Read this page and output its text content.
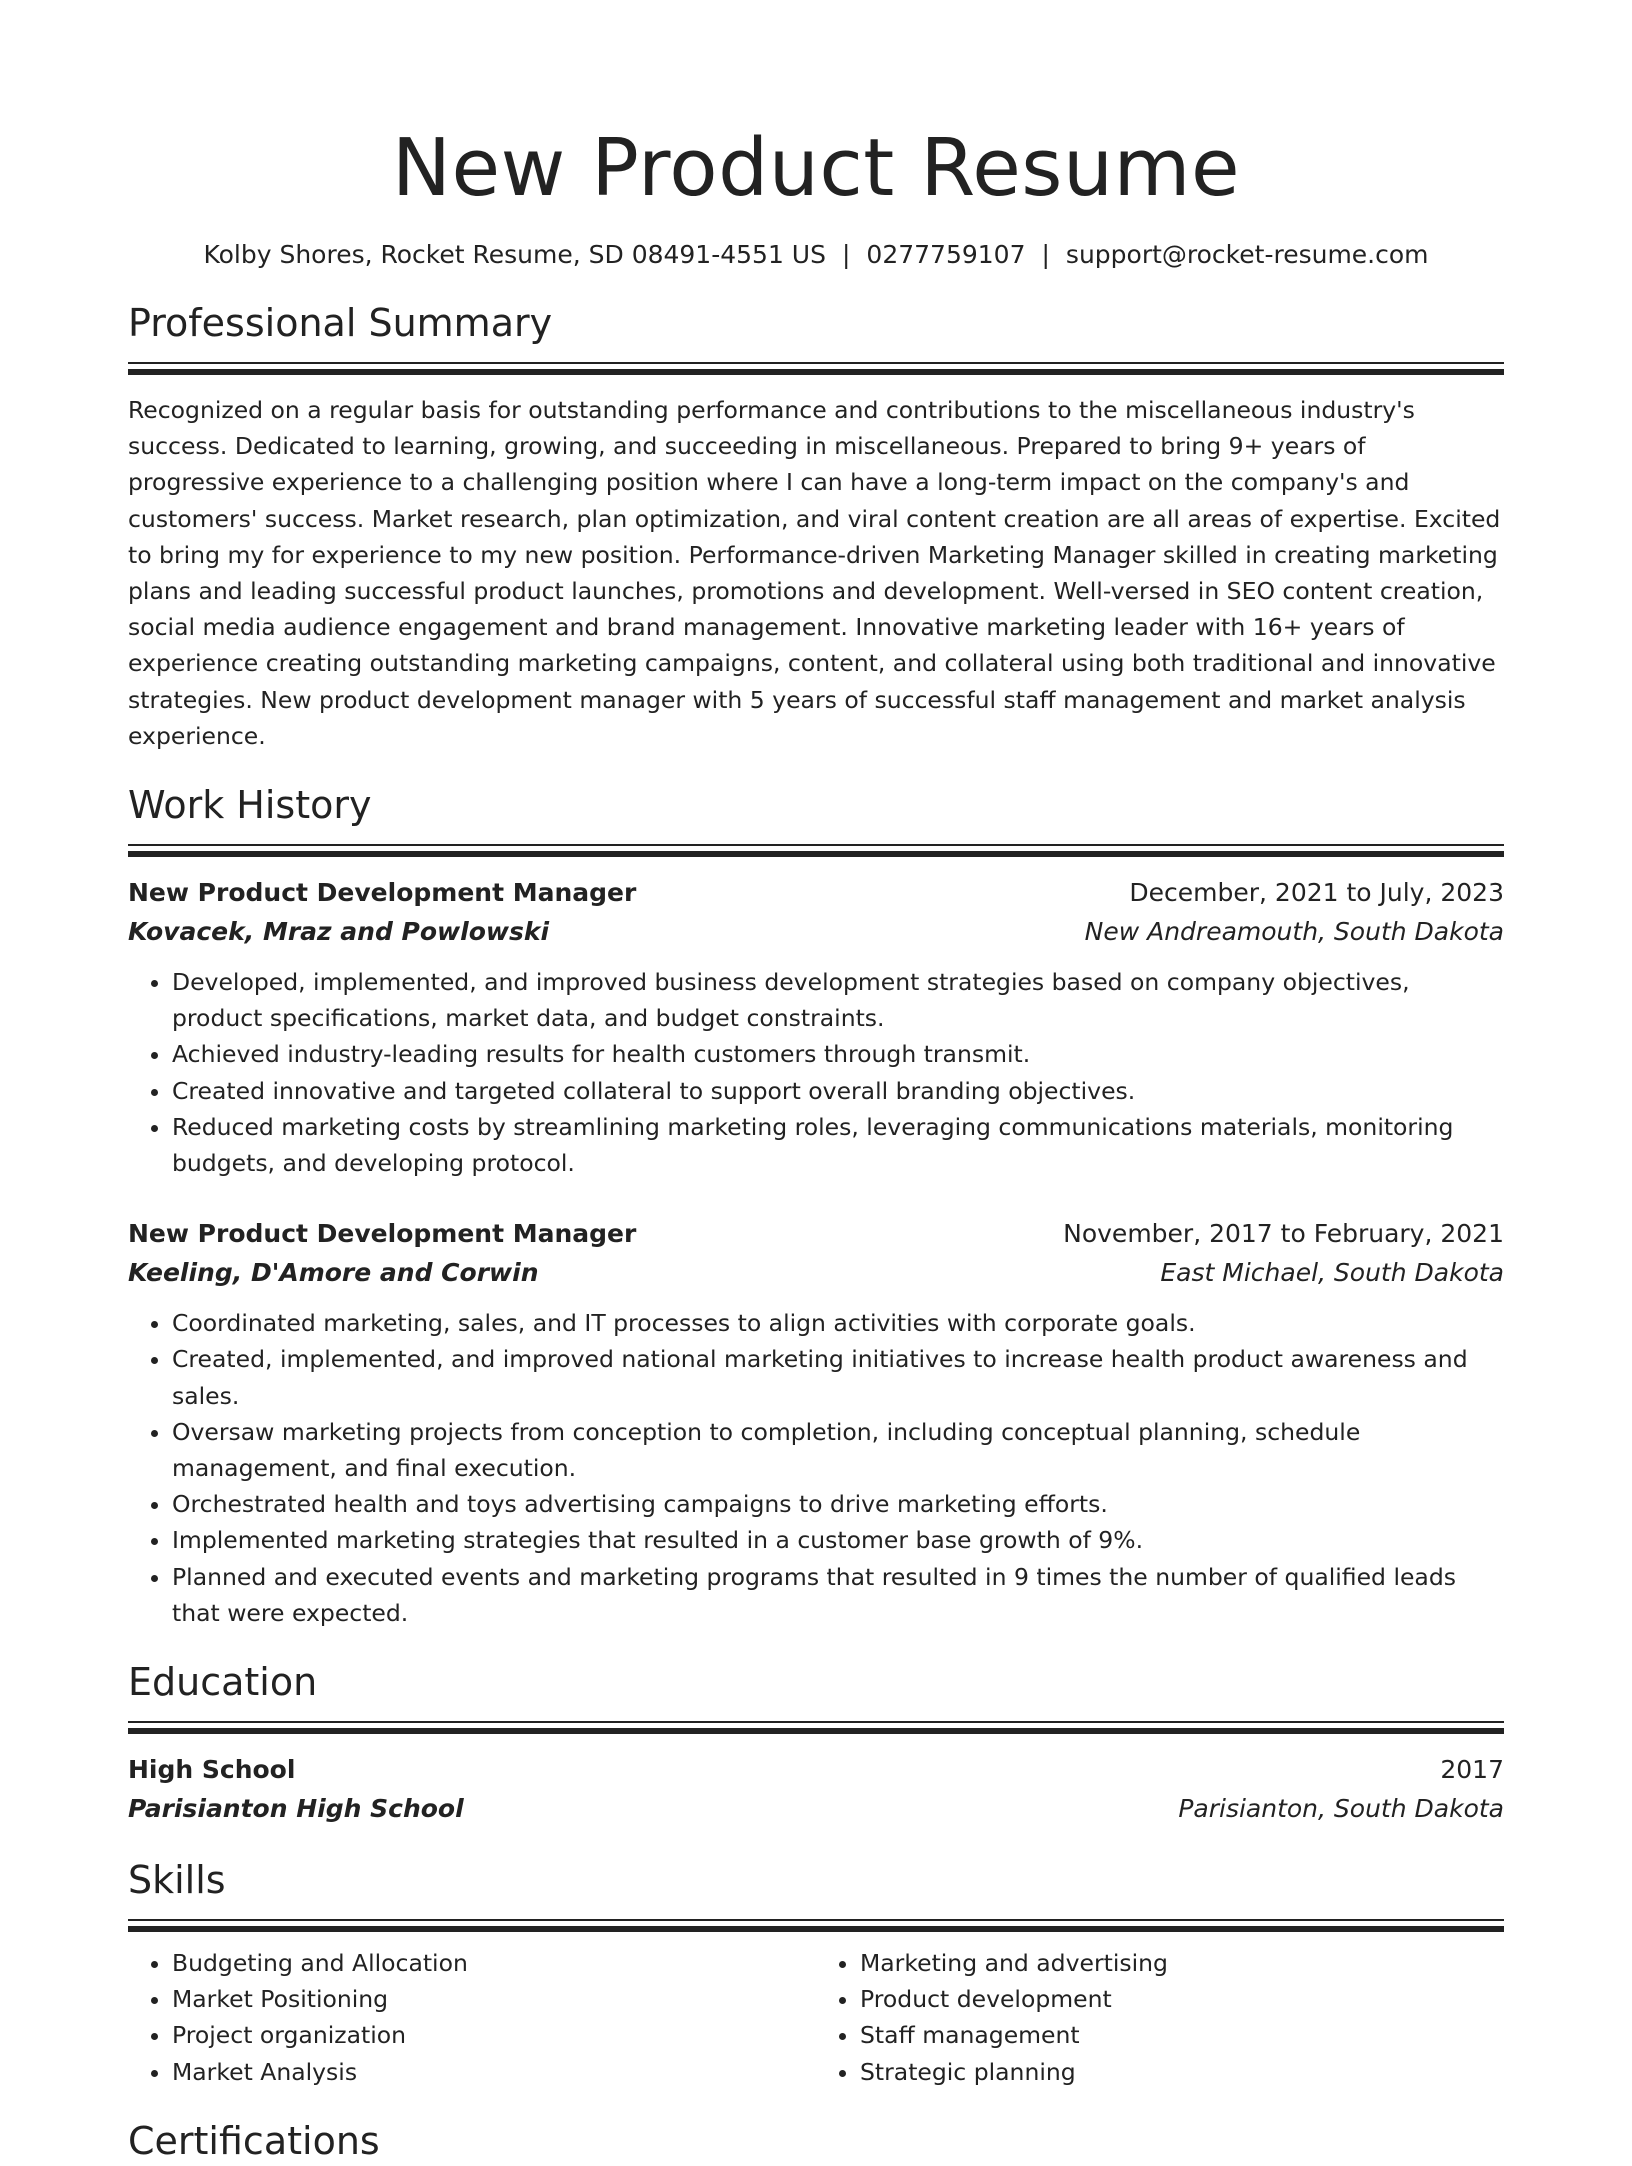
New Product Resume
Kolby Shores, Rocket Resume, SD 08491-4551 US | 0277759107 | support@rocket-resume.com
Professional Summary

Recognized on a regular basis for outstanding performance and contributions to the miscellaneous industry's success. Dedicated to learning, growing, and succeeding in miscellaneous. Prepared to bring 9+ years of progressive experience to a challenging position where I can have a long-term impact on the company's and customers' success. Market research, plan optimization, and viral content creation are all areas of expertise. Excited to bring my for experience to my new position. Performance-driven Marketing Manager skilled in creating marketing plans and leading successful product launches, promotions and development. Well-versed in SEO content creation, social media audience engagement and brand management. Innovative marketing leader with 16+ years of experience creating outstanding marketing campaigns, content, and collateral using both traditional and innovative strategies. New product development manager with 5 years of successful staff management and market analysis experience.

Work History
New Product Development Manager	December, 2021 to July, 2023
Kovacek, Mraz and Powlowski	New Andreamouth, South Dakota
• Developed, implemented, and improved business development strategies based on company objectives, product specifications, market data, and budget constraints.
• Achieved industry-leading results for health customers through transmit.
• Created innovative and targeted collateral to support overall branding objectives.
• Reduced marketing costs by streamlining marketing roles, leveraging communications materials, monitoring budgets, and developing protocol.
New Product Development Manager	November, 2017 to February, 2021
Keeling, D'Amore and Corwin	East Michael, South Dakota
• Coordinated marketing, sales, and IT processes to align activities with corporate goals.
• Created, implemented, and improved national marketing initiatives to increase health product awareness and sales.
• Oversaw marketing projects from conception to completion, including conceptual planning, schedule management, and final execution.
• Orchestrated health and toys advertising campaigns to drive marketing efforts.
• Implemented marketing strategies that resulted in a customer base growth of 9%.
• Planned and executed events and marketing programs that resulted in 9 times the number of qualified leads that were expected.
Education
High School	2017
Parisianton High School	Parisianton, South Dakota
Skills
• Budgeting and Allocation
• Market Positioning
• Project organization
• Market Analysis
• Marketing and advertising
• Product development
• Staff management
• Strategic planning
Certifications
